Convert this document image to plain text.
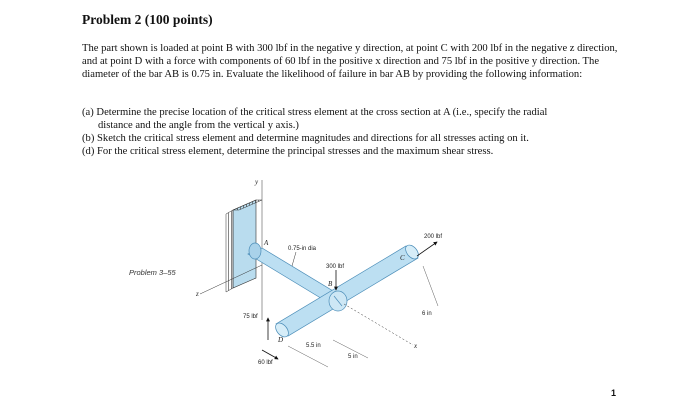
Problem 2 (100 points)

The part shown is loaded at point B with 300 lbf in the negative y direction, at point C with 200 lbf in the negative z direction, and at point D with a force with components of 60 lbf in the positive x direction and 75 lbf in the positive y direction. The diameter of the bar AB is 0.75 in. Evaluate the likelihood of failure in bar AB by providing the following information:

(a) Determine the precise location of the critical stress element at the cross section at A (i.e., specify the radial
distance and the angle from the vertical y axis.)
(b) Sketch the critical stress element and determine magnitudes and directions for all stresses acting on it.
(d) For the critical stress element, determine the principal stresses and the maximum shear stress.
Problem 3–55
y
z
x
A
B
C
D
0.75-in dia
300 lbf
200 lbf
75 lbf
60 lbf
6 in
5.5 in
5 in
1
